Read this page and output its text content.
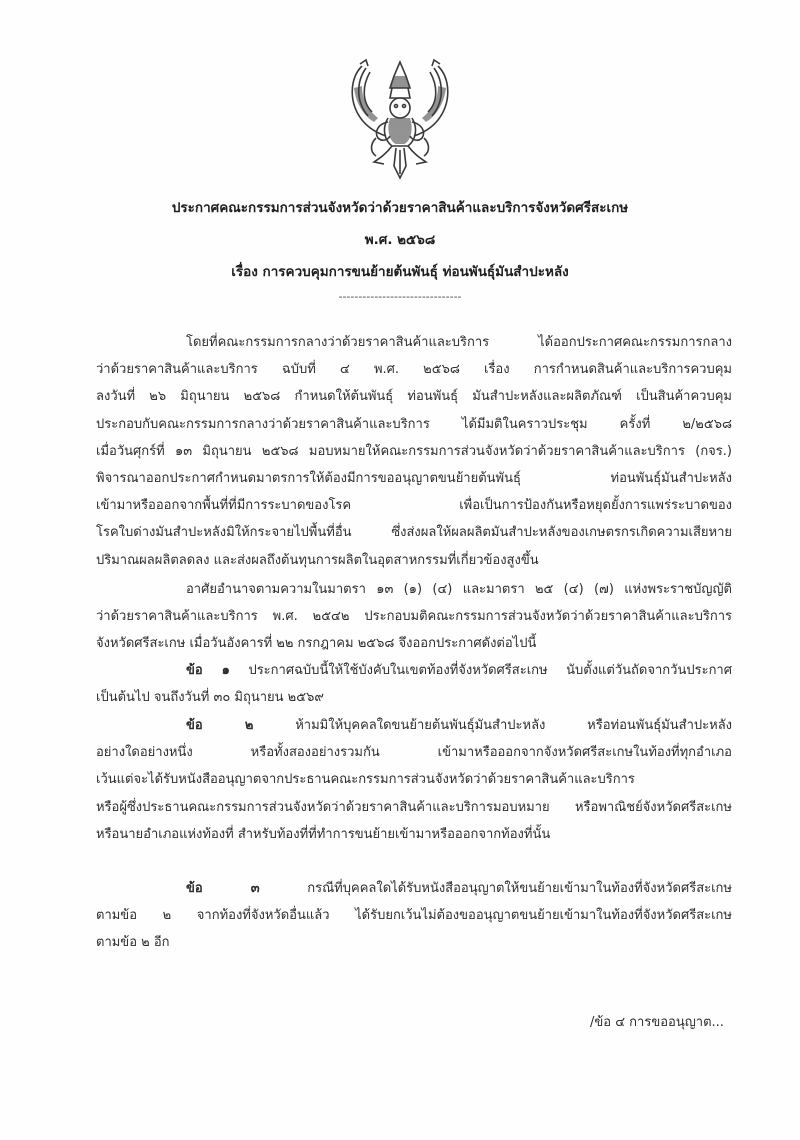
ประกาศคณะกรรมการส่วนจังหวัดว่าด้วยราคาสินค้าและบริการจังหวัดศรีสะเกษ
พ.ศ. ๒๕๖๘
เรื่อง การควบคุมการขนย้ายต้นพันธุ์ ท่อนพันธุ์มันสำปะหลัง
-------------------------------
โดยที่คณะกรรมการกลางว่าด้วยราคาสินค้าและบริการ ได้ออกประกาศคณะกรรมการกลาง
ว่าด้วยราคาสินค้าและบริการ ฉบับที่ ๔ พ.ศ. ๒๕๖๘ เรื่อง การกำหนดสินค้าและบริการควบคุม
ลงวันที่ ๒๖ มิถุนายน ๒๕๖๘ กำหนดให้ต้นพันธุ์ ท่อนพันธุ์ มันสำปะหลังและผลิตภัณฑ์ เป็นสินค้าควบคุม
ประกอบกับคณะกรรมการกลางว่าด้วยราคาสินค้าและบริการ ได้มีมติในคราวประชุม ครั้งที่ ๒/๒๕๖๘
เมื่อวันศุกร์ที่ ๑๓ มิถุนายน ๒๕๖๘ มอบหมายให้คณะกรรมการส่วนจังหวัดว่าด้วยราคาสินค้าและบริการ (กจร.)
พิจารณาออกประกาศกำหนดมาตรการให้ต้องมีการขออนุญาตขนย้ายต้นพันธุ์ ท่อนพันธุ์มันสำปะหลัง
เข้ามาหรือออกจากพื้นที่ที่มีการระบาดของโรค เพื่อเป็นการป้องกันหรือหยุดยั้งการแพร่ระบาดของ
โรคใบด่างมันสำปะหลังมิให้กระจายไปพื้นที่อื่น ซึ่งส่งผลให้ผลผลิตมันสำปะหลังของเกษตรกรเกิดความเสียหาย
ปริมาณผลผลิตลดลง และส่งผลถึงต้นทุนการผลิตในอุตสาหกรรมที่เกี่ยวข้องสูงขึ้น
อาศัยอำนาจตามความในมาตรา ๑๓ (๑) (๔) และมาตรา ๒๕ (๔) (๗) แห่งพระราชบัญญัติ
ว่าด้วยราคาสินค้าและบริการ พ.ศ. ๒๕๔๒ ประกอบมติคณะกรรมการส่วนจังหวัดว่าด้วยราคาสินค้าและบริการ
จังหวัดศรีสะเกษ เมื่อวันอังคารที่ ๒๒ กรกฎาคม ๒๕๖๘ จึงออกประกาศดังต่อไปนี้
ข้อ ๑ ประกาศฉบับนี้ให้ใช้บังคับในเขตท้องที่จังหวัดศรีสะเกษ นับตั้งแต่วันถัดจากวันประกาศ
เป็นต้นไป จนถึงวันที่ ๓๐ มิถุนายน ๒๕๖๙
ข้อ ๒ ห้ามมิให้บุคคลใดขนย้ายต้นพันธุ์มันสำปะหลัง หรือท่อนพันธุ์มันสำปะหลัง
อย่างใดอย่างหนึ่ง หรือทั้งสองอย่างรวมกัน เข้ามาหรือออกจากจังหวัดศรีสะเกษในท้องที่ทุกอำเภอ
เว้นแต่จะได้รับหนังสืออนุญาตจากประธานคณะกรรมการส่วนจังหวัดว่าด้วยราคาสินค้าและบริการ
หรือผู้ซึ่งประธานคณะกรรมการส่วนจังหวัดว่าด้วยราคาสินค้าและบริการมอบหมาย หรือพาณิชย์จังหวัดศรีสะเกษ
หรือนายอำเภอแห่งท้องที่ สำหรับท้องที่ที่ทำการขนย้ายเข้ามาหรือออกจากท้องที่นั้น
ข้อ ๓ กรณีที่บุคคลใดได้รับหนังสืออนุญาตให้ขนย้ายเข้ามาในท้องที่จังหวัดศรีสะเกษ
ตามข้อ ๒ จากท้องที่จังหวัดอื่นแล้ว ได้รับยกเว้นไม่ต้องขออนุญาตขนย้ายเข้ามาในท้องที่จังหวัดศรีสะเกษ
ตามข้อ ๒ อีก
/ข้อ ๔ การขออนุญาต...
